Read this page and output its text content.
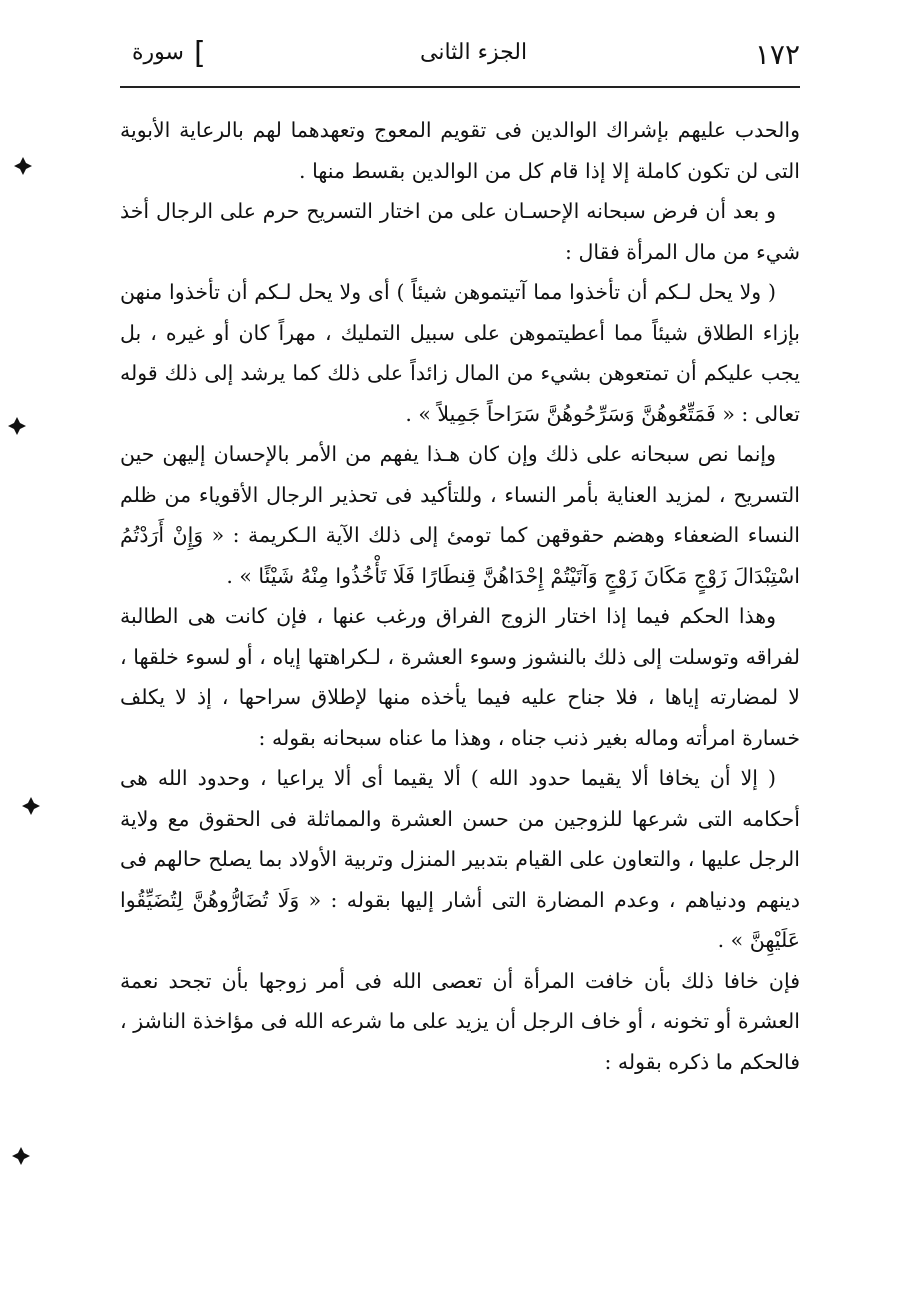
١٧٢
الجزء الثانى
[
سورة

والحدب عليهم بإشراك الوالدين فى تقويم المعوج وتعهدهما لهم بالرعاية الأبوية التى لن تكون كاملة إلا إذا قام كل من الوالدين بقسط منها .

و بعد أن فرض سبحانه الإحسـان على من اختار التسريح حرم على الرجال أخذ شيء من مال المرأة فقال :

( ولا يحل لـكم أن تأخذوا مما آتيتموهن شيئاً ) أى ولا يحل لـكم أن تأخذوا منهن بإزاء الطلاق شيئاً مما أعطيتموهن على سبيل التمليك ، مهراً كان أو غيره ، بل يجب عليكم أن تمتعوهن بشيء من المال زائداً على ذلك كما يرشد إلى ذلك قوله تعالى : « فَمَتِّعُوهُنَّ وَسَرِّحُوهُنَّ سَرَاحاً جَمِيلاً » .

وإنما نص سبحانه على ذلك وإن كان هـذا يفهم من الأمر بالإحسان إليهن حين التسريح ، لمزيد العناية بأمر النساء ، وللتأكيد فى تحذير الرجال الأقوياء من ظلم النساء الضعفاء وهضم حقوقهن كما تومئ إلى ذلك الآية الـكريمة : « وَإِنْ أَرَدْتُمُ اسْتِبْدَالَ زَوْجٍ مَكَانَ زَوْجٍ وَآتَيْتُمْ إِحْدَاهُنَّ قِنطَارًا فَلَا تَأْخُذُوا مِنْهُ شَيْئًا » .

وهذا الحكم فيما إذا اختار الزوج الفراق ورغب عنها ، فإن كانت هى الطالبة لفراقه وتوسلت إلى ذلك بالنشوز وسوء العشرة ، لـكراهتها إياه ، أو لسوء خلقها ، لا لمضارته إياها ، فلا جناح عليه فيما يأخذه منها لإطلاق سراحها ، إذ لا يكلف خسارة امرأته وماله بغير ذنب جناه ، وهذا ما عناه سبحانه بقوله :

( إلا أن يخافا ألا يقيما حدود الله ) ألا يقيما أى ألا يراعيا ، وحدود الله هى أحكامه التى شرعها للزوجين من حسن العشرة والمماثلة فى الحقوق مع ولاية الرجل عليها ، والتعاون على القيام بتدبير المنزل وتربية الأولاد بما يصلح حالهم فى دينهم ودنياهم ، وعدم المضارة التى أشار إليها بقوله : « وَلَا تُضَارُّوهُنَّ لِتُضَيِّقُوا عَلَيْهِنَّ » .

فإن خافا ذلك بأن خافت المرأة أن تعصى الله فى أمر زوجها بأن تجحد نعمة العشرة أو تخونه ، أو خاف الرجل أن يزيد على ما شرعه الله فى مؤاخذة الناشز ، فالحكم ما ذكره بقوله :
